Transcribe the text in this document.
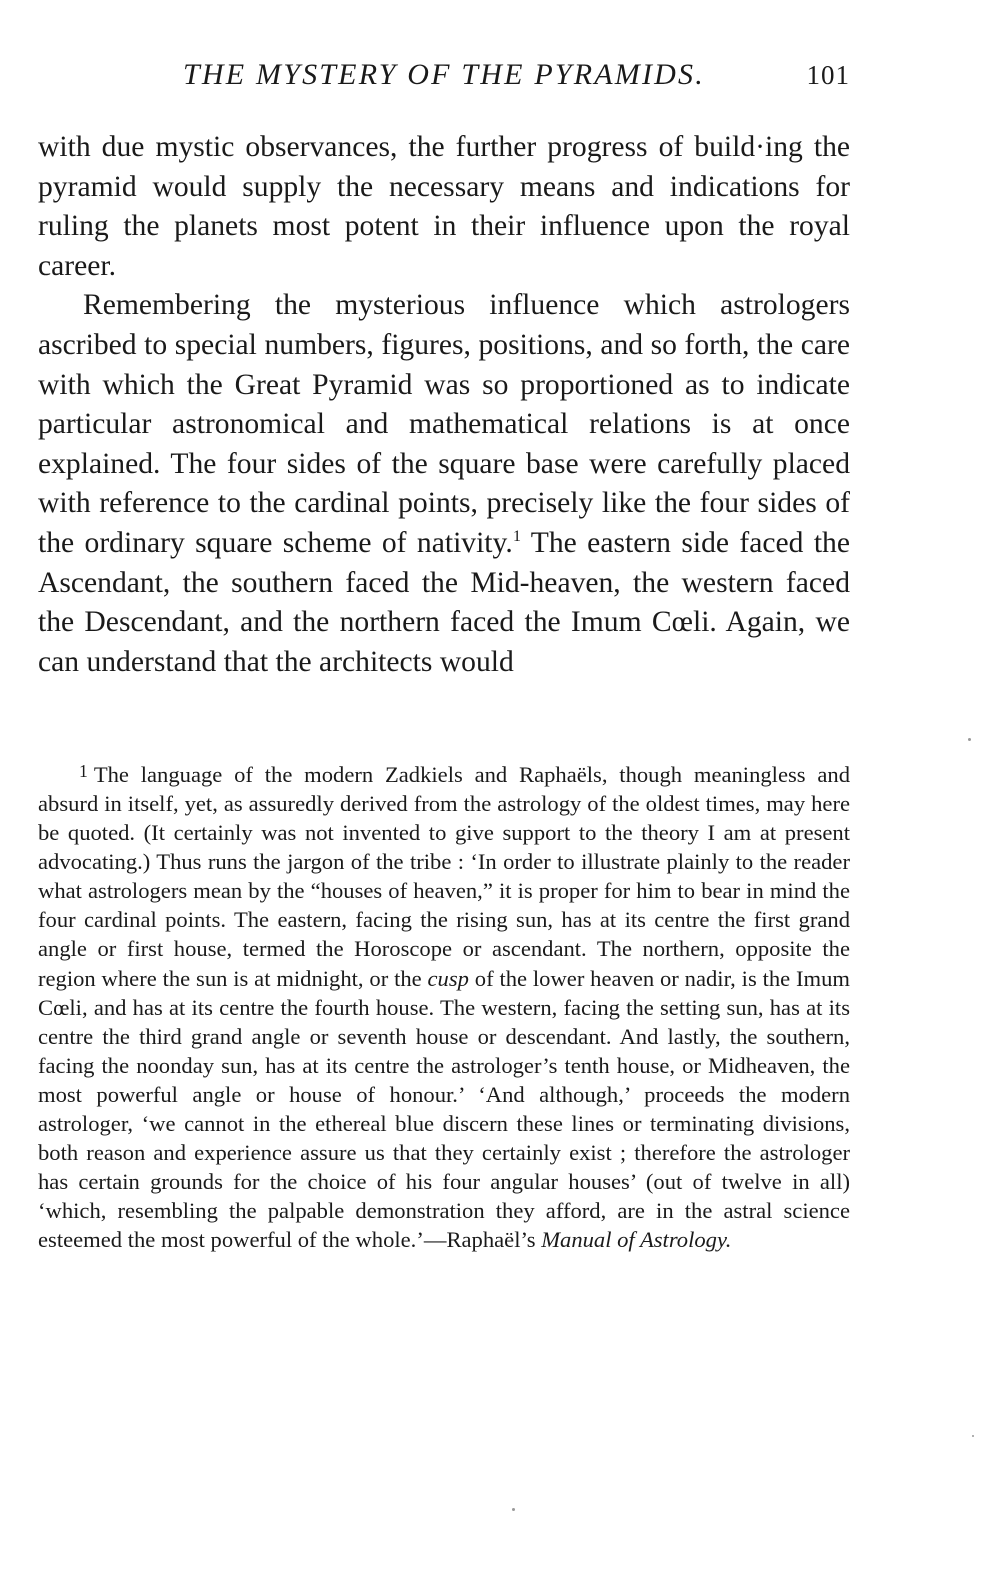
THE MYSTERY OF THE PYRAMIDS.	101

with due mystic observances, the further progress of build·ing the pyramid would supply the necessary means and indications for ruling the planets most potent in their influence upon the royal career.

Remembering the mysterious influence which astrologers ascribed to special numbers, figures, positions, and so forth, the care with which the Great Pyramid was so proportioned as to indicate particular astronomical and mathematical relations is at once explained. The four sides of the square base were carefully placed with reference to the cardinal points, precisely like the four sides of the ordinary square scheme of nativity.$^1$ The eastern side faced the Ascendant, the southern faced the Mid-heaven, the western faced the Descendant, and the northern faced the Imum Cœli. Again, we can understand that the architects would

$^1$ The language of the modern Zadkiels and Raphaëls, though meaningless and absurd in itself, yet, as assuredly derived from the astrology of the oldest times, may here be quoted. (It certainly was not invented to give support to the theory I am at present advocating.) Thus runs the jargon of the tribe : ‘In order to illustrate plainly to the reader what astrologers mean by the “houses of heaven,” it is proper for him to bear in mind the four cardinal points. The eastern, facing the rising sun, has at its centre the first grand angle or first house, termed the Horoscope or ascendant. The northern, opposite the region where the sun is at midnight, or the cusp of the lower heaven or nadir, is the Imum Cœli, and has at its centre the fourth house. The western, facing the setting sun, has at its centre the third grand angle or seventh house or descendant. And lastly, the southern, facing the noonday sun, has at its centre the astrologer’s tenth house, or Midheaven, the most powerful angle or house of honour.’ ‘And although,’ proceeds the modern astrologer, ‘we cannot in the ethereal blue discern these lines or terminating divisions, both reason and experience assure us that they certainly exist ; therefore the astrologer has certain grounds for the choice of his four angular houses’ (out of twelve in all) ‘which, resembling the palpable demonstration they afford, are in the astral science esteemed the most powerful of the whole.’—Raphaël’s Manual of Astrology.
